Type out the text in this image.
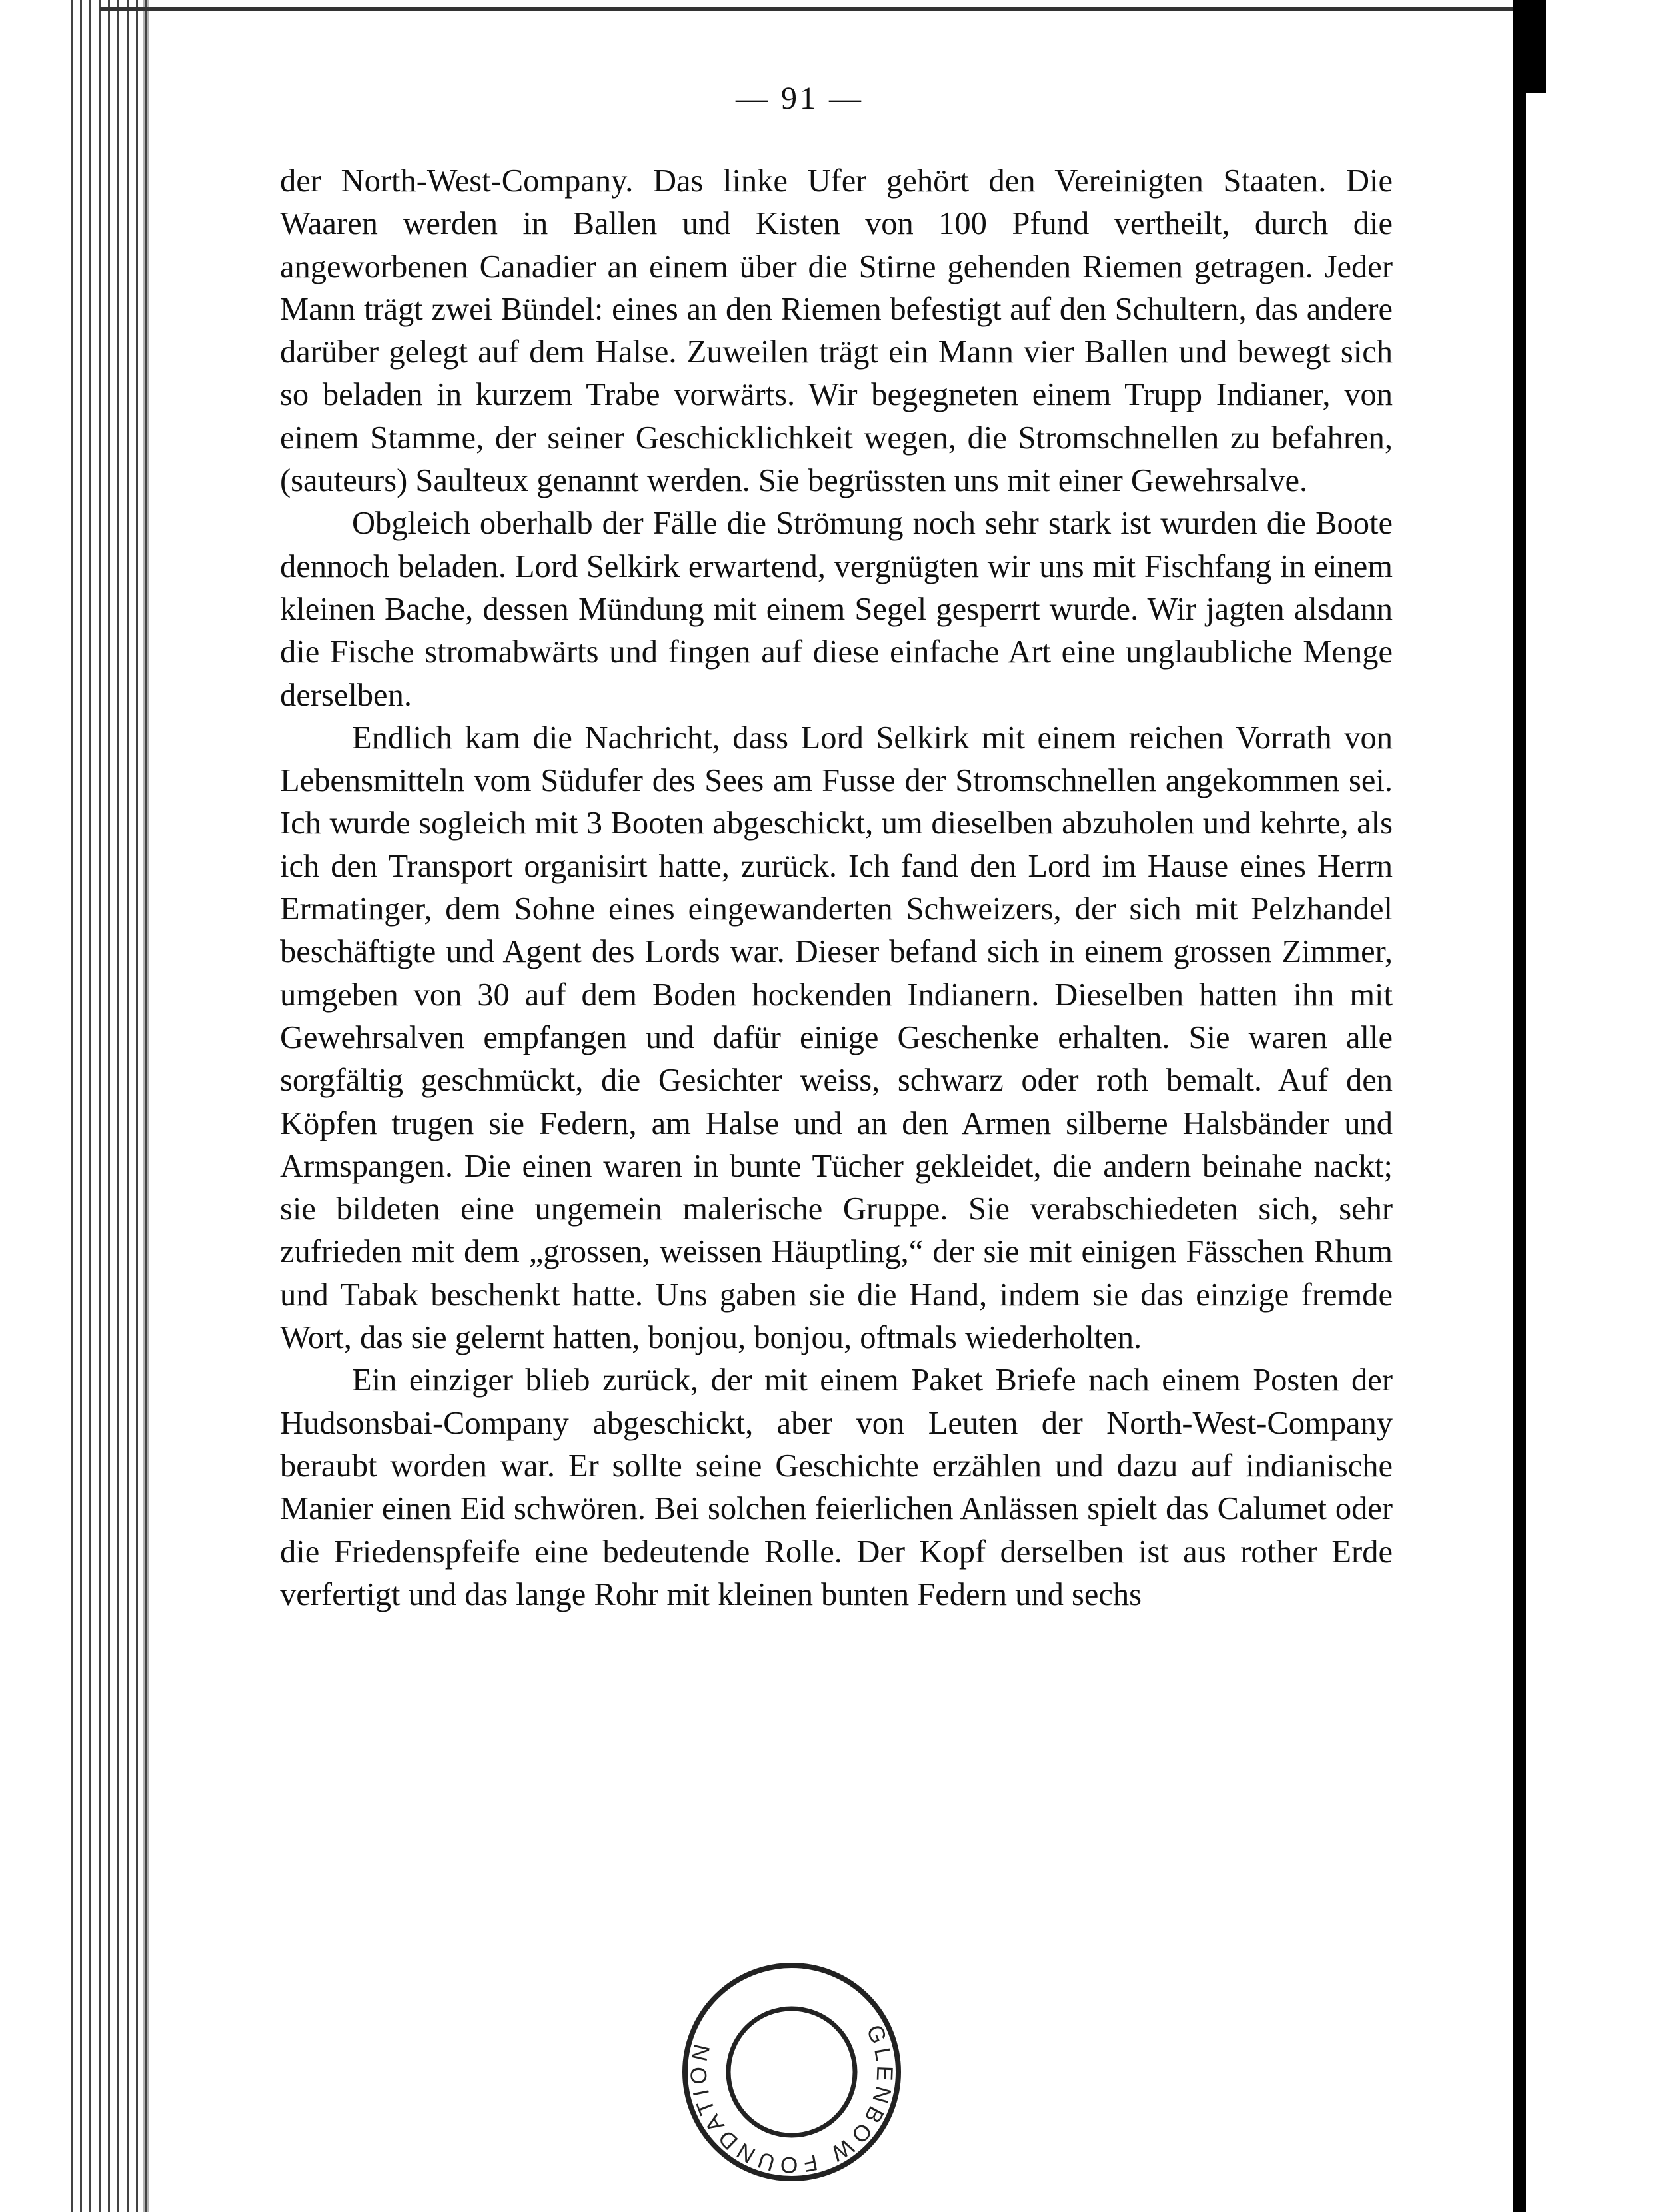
— 91 —

der North-West-Company. Das linke Ufer gehört den Vereinigten Staaten. Die Waaren werden in Ballen und Kisten von 100 Pfund vertheilt, durch die angeworbenen Canadier an einem über die Stirne gehenden Riemen getragen. Jeder Mann trägt zwei Bündel: eines an den Riemen befestigt auf den Schultern, das andere darüber gelegt auf dem Halse. Zuweilen trägt ein Mann vier Ballen und bewegt sich so beladen in kurzem Trabe vorwärts. Wir begegneten einem Trupp Indianer, von einem Stamme, der seiner Geschicklichkeit wegen, die Stromschnellen zu befahren, (sauteurs) Saulteux genannt werden. Sie begrüssten uns mit einer Gewehrsalve.

Obgleich oberhalb der Fälle die Strömung noch sehr stark ist wurden die Boote dennoch beladen. Lord Selkirk erwartend, vergnügten wir uns mit Fischfang in einem kleinen Bache, dessen Mündung mit einem Segel gesperrt wurde. Wir jagten alsdann die Fische stromabwärts und fingen auf diese einfache Art eine unglaubliche Menge derselben.

Endlich kam die Nachricht, dass Lord Selkirk mit einem reichen Vorrath von Lebensmitteln vom Südufer des Sees am Fusse der Stromschnellen angekommen sei. Ich wurde sogleich mit 3 Booten abgeschickt, um dieselben abzuholen und kehrte, als ich den Transport organisirt hatte, zurück. Ich fand den Lord im Hause eines Herrn Ermatinger, dem Sohne eines eingewanderten Schweizers, der sich mit Pelzhandel beschäftigte und Agent des Lords war. Dieser befand sich in einem grossen Zimmer, umgeben von 30 auf dem Boden hockenden Indianern. Dieselben hatten ihn mit Gewehrsalven empfangen und dafür einige Geschenke erhalten. Sie waren alle sorgfältig geschmückt, die Gesichter weiss, schwarz oder roth bemalt. Auf den Köpfen trugen sie Federn, am Halse und an den Armen silberne Halsbänder und Armspangen. Die einen waren in bunte Tücher gekleidet, die andern beinahe nackt; sie bildeten eine ungemein malerische Gruppe. Sie verabschiedeten sich, sehr zufrieden mit dem „grossen, weissen Häuptling,“ der sie mit einigen Fässchen Rhum und Tabak beschenkt hatte. Uns gaben sie die Hand, indem sie das einzige fremde Wort, das sie gelernt hatten, bonjou, bonjou, oftmals wiederholten.

Ein einziger blieb zurück, der mit einem Paket Briefe nach einem Posten der Hudsonsbai-Company abgeschickt, aber von Leuten der North-West-Company beraubt worden war. Er sollte seine Geschichte erzählen und dazu auf indianische Manier einen Eid schwören. Bei solchen feierlichen Anlässen spielt das Calumet oder die Friedenspfeife eine bedeutende Rolle. Der Kopf derselben ist aus rother Erde verfertigt und das lange Rohr mit kleinen bunten Federn und sechs

GLENBOW FOUNDATION
